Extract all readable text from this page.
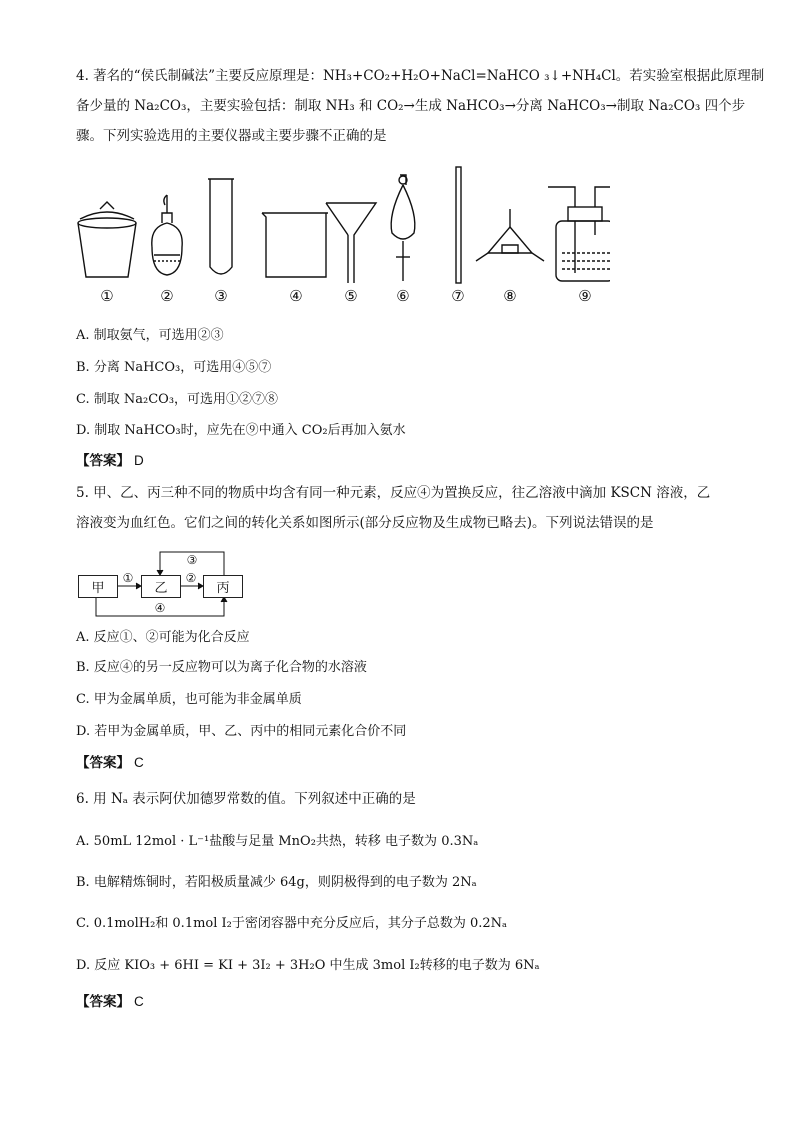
4. 著名的“侯氏制碱法”主要反应原理是：NH₃+CO₂+H₂O+NaCl=NaHCO ₃↓+NH₄Cl。若实验室根据此原理制
备少量的 Na₂CO₃，主要实验包括：制取 NH₃ 和 CO₂→生成 NaHCO₃→分离 NaHCO₃→制取 Na₂CO₃ 四个步
骤。下列实验选用的主要仪器或主要步骤不正确的是
①	②	③	④	⑤	⑥	⑦	⑧	⑨
A. 制取氨气，可选用②③
B. 分离 NaHCO₃，可选用④⑤⑦
C. 制取 Na₂CO₃，可选用①②⑦⑧
D. 制取 NaHCO₃时，应先在⑨中通入 CO₂后再加入氨水
【答案】 D
5. 甲、乙、丙三种不同的物质中均含有同一种元素，反应④为置换反应，往乙溶液中滴加 KSCN 溶液，乙
溶液变为血红色。它们之间的转化关系如图所示(部分反应物及生成物已略去)。下列说法错误的是
①	②
③
④
甲	乙	丙
A. 反应①、②可能为化合反应
B. 反应④的另一反应物可以为离子化合物的水溶液
C. 甲为金属单质，也可能为非金属单质
D. 若甲为金属单质，甲、乙、丙中的相同元素化合价不同
【答案】 C
6. 用 Nₐ 表示阿伏加德罗常数的值。下列叙述中正确的是
A. 50mL 12mol · L⁻¹盐酸与足量 MnO₂共热，转移 电子数为 0.3Nₐ
B. 电解精炼铜时，若阳极质量减少 64g，则阴极得到的电子数为 2Nₐ
C. 0.1molH₂和 0.1mol I₂于密闭容器中充分反应后，其分子总数为 0.2Nₐ
D. 反应 KIO₃ + 6HI = KI + 3I₂ + 3H₂O 中生成 3mol I₂转移的电子数为 6Nₐ
【答案】 C
